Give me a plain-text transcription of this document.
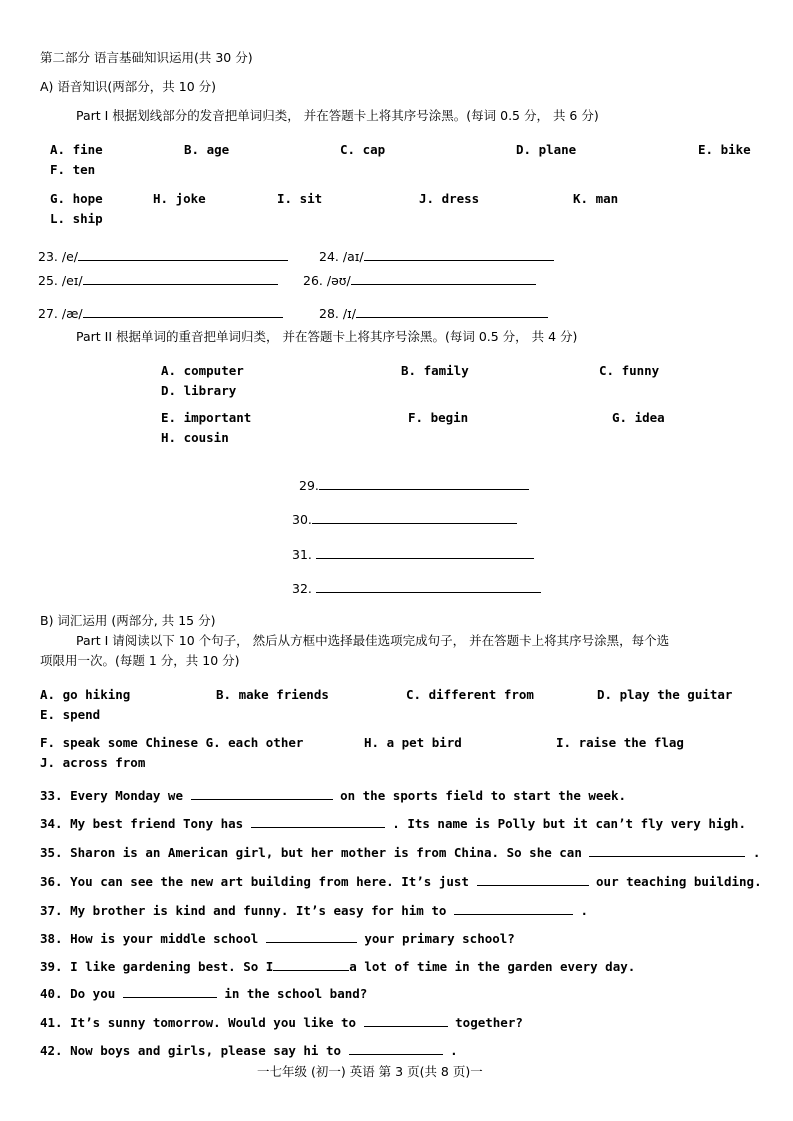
第二部分 语言基础知识运用(共 30 分)
A) 语音知识(两部分，共 10 分)
Part I 根据划线部分的发音把单词归类， 并在答题卡上将其序号涂黑。(每词 0.5 分， 共 6 分)
A. fine	B. age	C. cap	D. plane	E. bike
F. ten
G. hope	H. joke	I. sit	J. dress	K. man
L. ship
23. /e/	24. /aɪ/
25. /eɪ/	26. /əʊ/
27. /æ/	28. /ɪ/
Part II 根据单词的重音把单词归类， 并在答题卡上将其序号涂黑。(每词 0.5 分， 共 4 分)
A. computer	B. family	C. funny
D. library
E. important	F. begin	G. idea
H. cousin
29.
30.
31.
32.
B) 词汇运用 (两部分, 共 15 分)
Part I 请阅读以下 10 个句子， 然后从方框中选择最佳选项完成句子， 并在答题卡上将其序号涂黑，每个选
项限用一次。(每题 1 分，共 10 分)
A. go hiking	B. make friends	C. different from	D. play the guitar
E. spend
F. speak some Chinese G. each other	H. a pet bird	I. raise the flag
J. across from
33. Every Monday we	on the sports field to start the week.
34. My best friend Tony has	. Its name is Polly but it can’t fly very high.
35. Sharon is an American girl, but her mother is from China. So she can	.
36. You can see the new art building from here. It’s just	our teaching building.
37. My brother is kind and funny. It’s easy for him to	.
38. How is your middle school	your primary school?
39. I like gardening best. So I	a lot of time in the garden every day.
40. Do you	in the school band?
41. It’s sunny tomorrow. Would you like to	together?
42. Now boys and girls, please say hi to	.
一七年级 (初一) 英语 第 3 页(共 8 页)一
